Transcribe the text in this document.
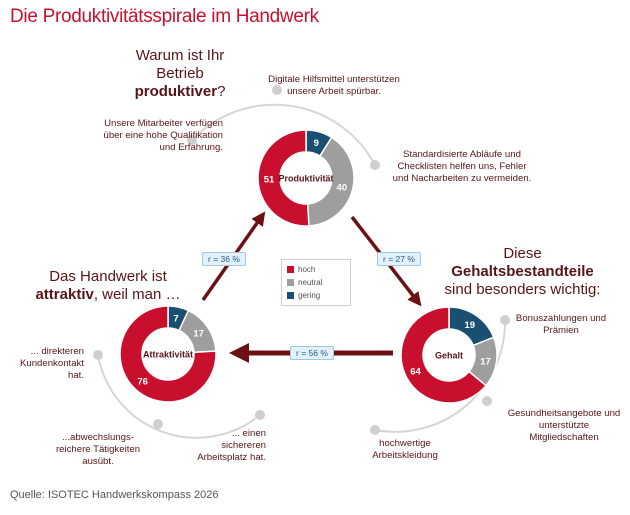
Die Produktivitätsspirale im Handwerk
9
40
51 Produktivität
7
17
76
Attraktivität
19
17
64
Gehalt
r = 36 %	r = 27 %
r = 56 %
hoch
neutral
gering
Warum ist Ihr
Betrieb
produktiver?
Unsere Mitarbeiter verfügen über eine hohe Qualifikation und Erfahrung.
Digitale Hilfsmittel unterstützen unsere Arbeit spürbar.
Standardisierte Abläufe und Checklisten helfen uns, Fehler und Nacharbeiten zu vermeiden.
Das Handwerk ist
attraktiv, weil man …
... direkteren Kundenkontakt hat.
...abwechslungs-reichere Tätigkeiten ausübt.
... einen sichereren Arbeitsplatz hat.
Diese
Gehaltsbestandteile
sind besonders wichtig:
Bonuszahlungen und Prämien
Gesundheitsangebote und unterstützte Mitgliedschaften
hochwertige Arbeitskleidung
Quelle: ISOTEC Handwerkskompass 2026
